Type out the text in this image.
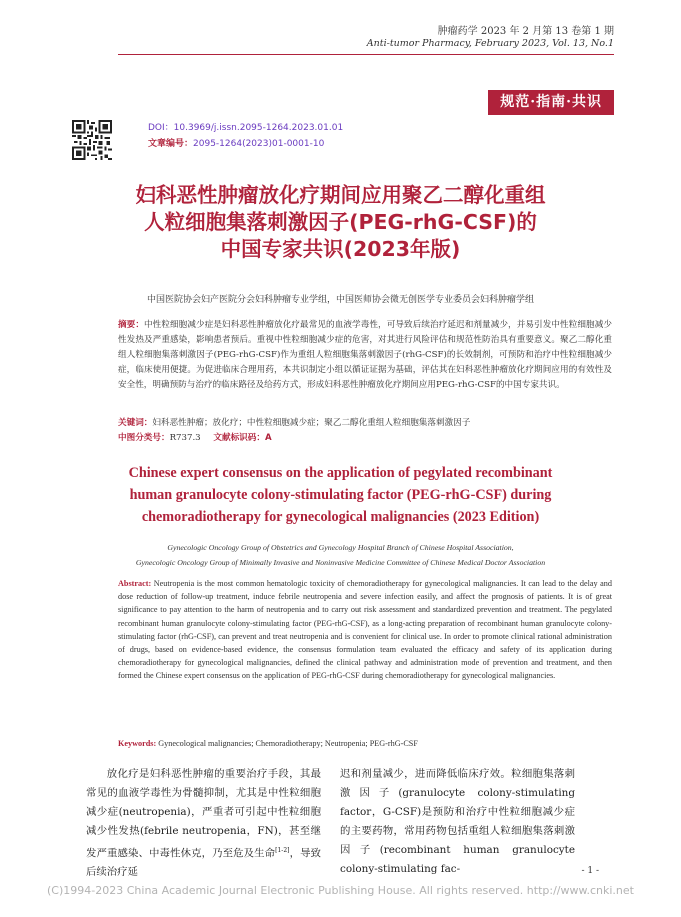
肿瘤药学 2023 年 2 月第 13 卷第 1 期
Anti-tumor Pharmacy, February 2023, Vol. 13, No.1
规范·指南·共识
DOI：10.3969/j.issn.2095-1264.2023.01.01
文章编号：2095-1264(2023)01-0001-10
妇科恶性肿瘤放化疗期间应用聚乙二醇化重组
人粒细胞集落刺激因子(PEG-rhG-CSF)的
中国专家共识(2023年版)
中国医院协会妇产医院分会妇科肿瘤专业学组，中国医师协会微无创医学专业委员会妇科肿瘤学组
摘要：中性粒细胞减少症是妇科恶性肿瘤放化疗最常见的血液学毒性，可导致后续治疗延迟和剂量减少，并易引发中性粒细胞减少性发热及严重感染，影响患者预后。重视中性粒细胞减少症的危害，对其进行风险评估和规范性防治具有重要意义。聚乙二醇化重组人粒细胞集落刺激因子(PEG-rhG-CSF)作为重组人粒细胞集落刺激因子(rhG-CSF)的长效制剂，可预防和治疗中性粒细胞减少症，临床使用便捷。为促进临床合理用药，本共识制定小组以循证证据为基础，评估其在妇科恶性肿瘤放化疗期间应用的有效性及安全性，明确预防与治疗的临床路径及给药方式，形成妇科恶性肿瘤放化疗期间应用PEG-rhG-CSF的中国专家共识。
关键词：妇科恶性肿瘤；放化疗；中性粒细胞减少症；聚乙二醇化重组人粒细胞集落刺激因子
中图分类号：R737.3 文献标识码：A
Chinese expert consensus on the application of pegylated recombinant
human granulocyte colony-stimulating factor (PEG-rhG-CSF) during
chemoradiotherapy for gynecological malignancies (2023 Edition)
Gynecologic Oncology Group of Obstetrics and Gynecology Hospital Branch of Chinese Hospital Association,
Gynecologic Oncology Group of Minimally Invasive and Noninvasive Medicine Committee of Chinese Medical Doctor Association
Abstract: Neutropenia is the most common hematologic toxicity of chemoradiotherapy for gynecological malignancies. It can lead to the delay and dose reduction of follow-up treatment, induce febrile neutropenia and severe infection easily, and affect the prognosis of patients. It is of great significance to pay attention to the harm of neutropenia and to carry out risk assessment and standardized prevention and treatment. The pegylated recombinant human granulocyte colony-stimulating factor (PEG-rhG-CSF), as a long-acting preparation of recombinant human granulocyte colony-stimulating factor (rhG-CSF), can prevent and treat neutropenia and is convenient for clinical use. In order to promote clinical rational administration of drugs, based on evidence-based evidence, the consensus formulation team evaluated the efficacy and safety of its application during chemoradiotherapy for gynecological malignancies, defined the clinical pathway and administration mode of prevention and treatment, and then formed the Chinese expert consensus on the application of PEG-rhG-CSF during chemoradiotherapy for gynecological malignancies.
Keywords: Gynecological malignancies; Chemoradiotherapy; Neutropenia; PEG-rhG-CSF
放化疗是妇科恶性肿瘤的重要治疗手段，其最常见的血液学毒性为骨髓抑制，尤其是中性粒细胞减少症(neutropenia)，严重者可引起中性粒细胞减少性发热(febrile neutropenia，FN)，甚至继发严重感染、中毒性休克，乃至危及生命[1-2]，导致后续治疗延
迟和剂量减少，进而降低临床疗效。粒细胞集落刺激因子(granulocyte colony-stimulating factor，G-CSF)是预防和治疗中性粒细胞减少症的主要药物，常用药物包括重组人粒细胞集落刺激因子(recombinant human granulocyte colony-stimulating fac-	- 1 -
(C)1994-2023 China Academic Journal Electronic Publishing House. All rights reserved. http://www.cnki.net
